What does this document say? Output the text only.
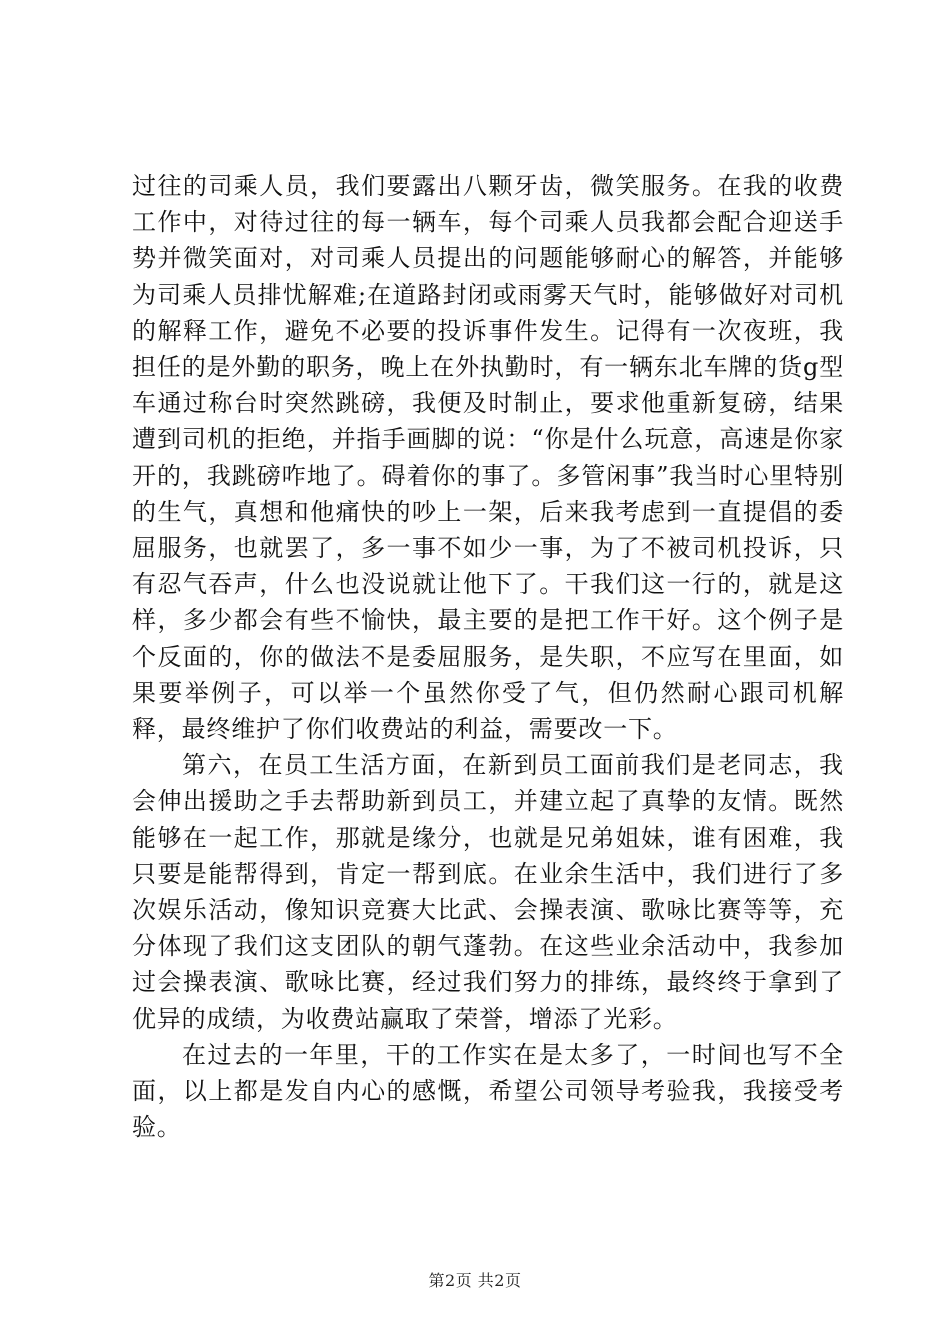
过往的司乘人员，我们要露出八颗牙齿，微笑服务。在我的收费工作中，对待过往的每一辆车，每个司乘人员我都会配合迎送手势并微笑面对，对司乘人员提出的问题能够耐心的解答，并能够为司乘人员排忧解难;在道路封闭或雨雾天气时，能够做好对司机的解释工作，避免不必要的投诉事件发生。记得有一次夜班，我担任的是外勤的职务，晚上在外执勤时，有一辆东北车牌的货g型车通过称台时突然跳磅，我便及时制止，要求他重新复磅，结果遭到司机的拒绝，并指手画脚的说：“你是什么玩意，高速是你家开的，我跳磅咋地了。碍着你的事了。多管闲事”我当时心里特别的生气，真想和他痛快的吵上一架，后来我考虑到一直提倡的委屈服务，也就罢了，多一事不如少一事，为了不被司机投诉，只有忍气吞声，什么也没说就让他下了。干我们这一行的，就是这样，多少都会有些不愉快，最主要的是把工作干好。这个例子是个反面的，你的做法不是委屈服务，是失职，不应写在里面，如果要举例子，可以举一个虽然你受了气，但仍然耐心跟司机解释，最终维护了你们收费站的利益，需要改一下。

第六，在员工生活方面，在新到员工面前我们是老同志，我会伸出援助之手去帮助新到员工，并建立起了真挚的友情。既然能够在一起工作，那就是缘分，也就是兄弟姐妹，谁有困难，我只要是能帮得到，肯定一帮到底。在业余生活中，我们进行了多次娱乐活动，像知识竞赛大比武、会操表演、歌咏比赛等等，充分体现了我们这支团队的朝气蓬勃。在这些业余活动中，我参加过会操表演、歌咏比赛，经过我们努力的排练，最终终于拿到了优异的成绩，为收费站赢取了荣誉，增添了光彩。

在过去的一年里，干的工作实在是太多了，一时间也写不全面，以上都是发自内心的感慨，希望公司领导考验我，我接受考验。

第2页 共2页
